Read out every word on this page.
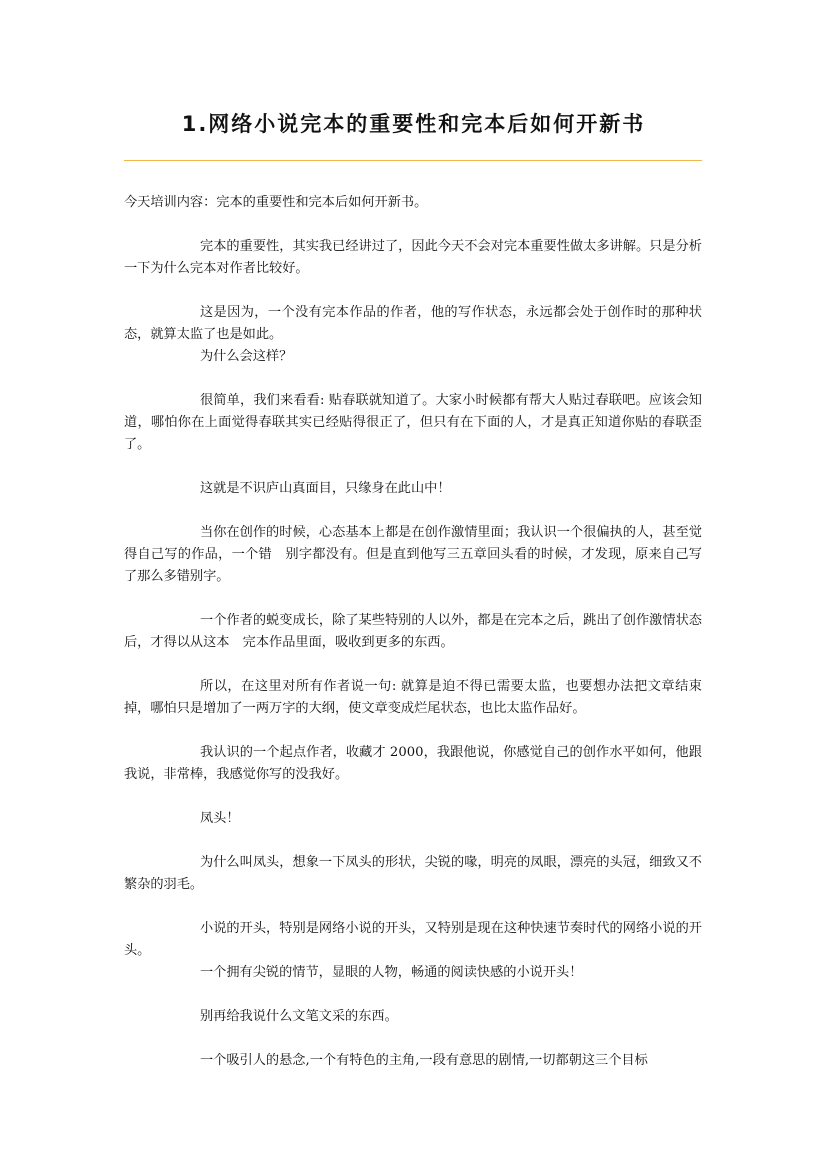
1.网络小说完本的重要性和完本后如何开新书

今天培训内容：完本的重要性和完本后如何开新书。

完本的重要性，其实我已经讲过了，因此今天不会对完本重要性做太多讲解。只是分析一下为什么完本对作者比较好。

这是因为，一个没有完本作品的作者，他的写作状态，永远都会处于创作时的那种状态，就算太监了也是如此。

为什么会这样？

很简单，我们来看看: 贴春联就知道了。大家小时候都有帮大人贴过春联吧。应该会知道，哪怕你在上面觉得春联其实已经贴得很正了，但只有在下面的人，才是真正知道你贴的春联歪了。

这就是不识庐山真面目，只缘身在此山中！

当你在创作的时候，心态基本上都是在创作激情里面；我认识一个很偏执的人，甚至觉得自己写的作品，一个错　别字都没有。但是直到他写三五章回头看的时候，才发现，原来自己写了那么多错别字。

一个作者的蜕变成长，除了某些特别的人以外，都是在完本之后，跳出了创作激情状态后，才得以从这本　完本作品里面，吸收到更多的东西。

所以，在这里对所有作者说一句: 就算是迫不得已需要太监，也要想办法把文章结束掉，哪怕只是增加了一两万字的大纲，使文章变成烂尾状态，也比太监作品好。

我认识的一个起点作者，收藏才 2000，我跟他说，你感觉自己的创作水平如何，他跟我说，非常棒，我感觉你写的没我好。

凤头！

为什么叫凤头，想象一下凤头的形状，尖锐的喙，明亮的凤眼，漂亮的头冠，细致又不繁杂的羽毛。

小说的开头，特别是网络小说的开头，又特别是现在这种快速节奏时代的网络小说的开头。

一个拥有尖锐的情节，显眼的人物，畅通的阅读快感的小说开头！

别再给我说什么文笔文采的东西。

一个吸引人的悬念,一个有特色的主角,一段有意思的剧情,一切都朝这三个目标
